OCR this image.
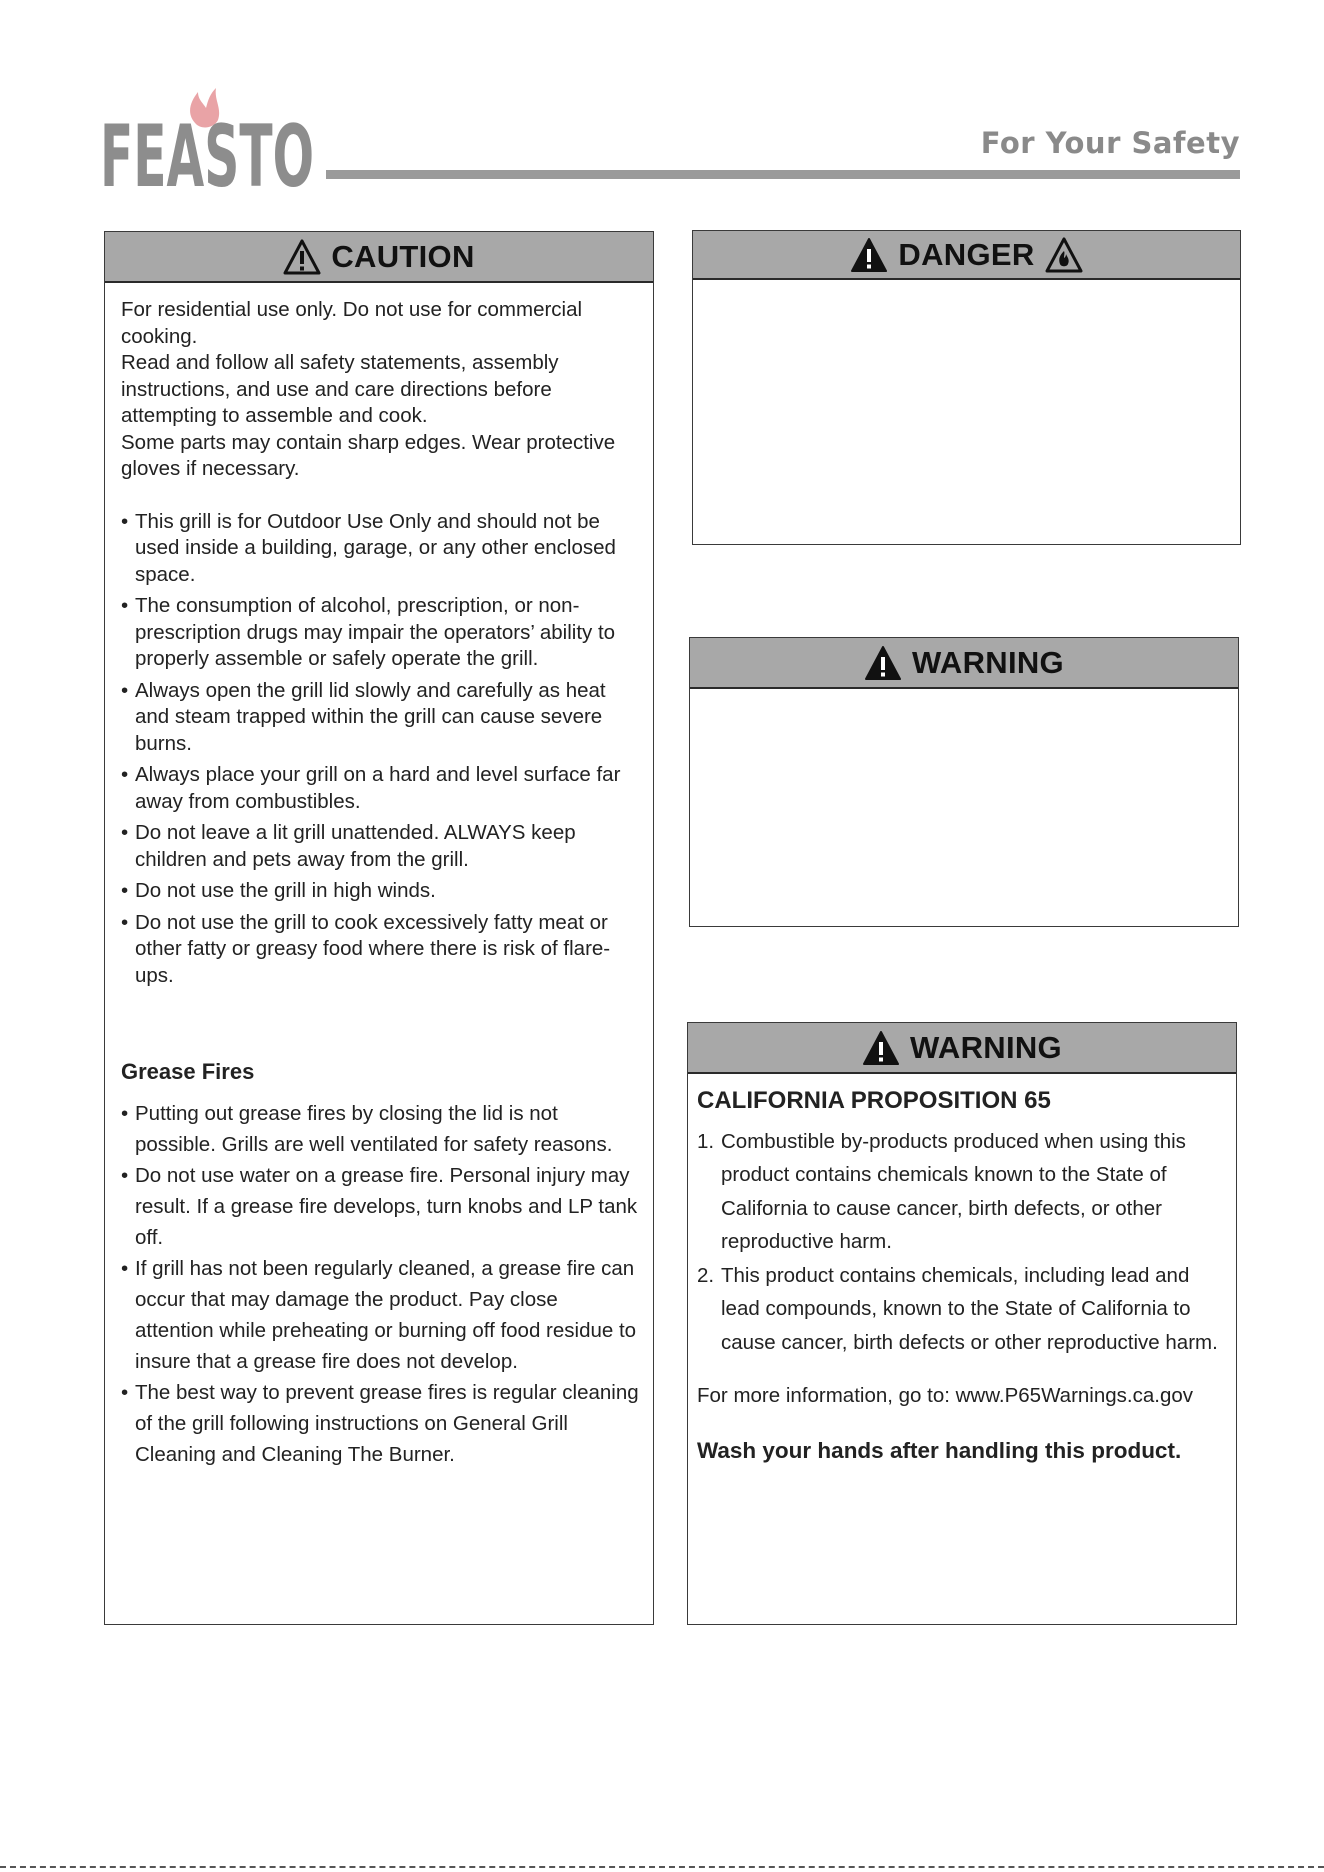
FEASTO	For Your Safety
CAUTION

For residential use only. Do not use for commercial cooking.

Read and follow all safety statements, assembly instructions, and use and care directions before attempting to assemble and cook.

Some parts may contain sharp edges. Wear protective gloves if necessary.

• This grill is for Outdoor Use Only and should not be used inside a building, garage, or any other enclosed space.
• The consumption of alcohol, prescription, or non-prescription drugs may impair the operators’ ability to properly assemble or safely operate the grill.
• Always open the grill lid slowly and carefully as heat and steam trapped within the grill can cause severe burns.
• Always place your grill on a hard and level surface far away from combustibles.
• Do not leave a lit grill unattended. ALWAYS keep children and pets away from the grill.
• Do not use the grill in high winds.
• Do not use the grill to cook excessively fatty meat or other fatty or greasy food where there is risk of flare-ups.
Grease Fires
• Putting out grease fires by closing the lid is not possible. Grills are well ventilated for safety reasons.
• Do not use water on a grease fire. Personal injury may result. If a grease fire develops, turn knobs and LP tank off.
• If grill has not been regularly cleaned, a grease fire can occur that may damage the product. Pay close attention while preheating or burning off food residue to insure that a grease fire does not develop.
• The best way to prevent grease fires is regular cleaning of the grill following instructions on General Grill Cleaning and Cleaning The Burner.
DANGER
WARNING
WARNING
CALIFORNIA PROPOSITION 65
1. Combustible by-products produced when using this product contains chemicals known to the State of California to cause cancer, birth defects, or other reproductive harm.
2. This product contains chemicals, including lead and lead compounds, known to the State of California to cause cancer, birth defects or other reproductive harm.
For more information, go to: www.P65Warnings.ca.gov
Wash your hands after handling this product.
